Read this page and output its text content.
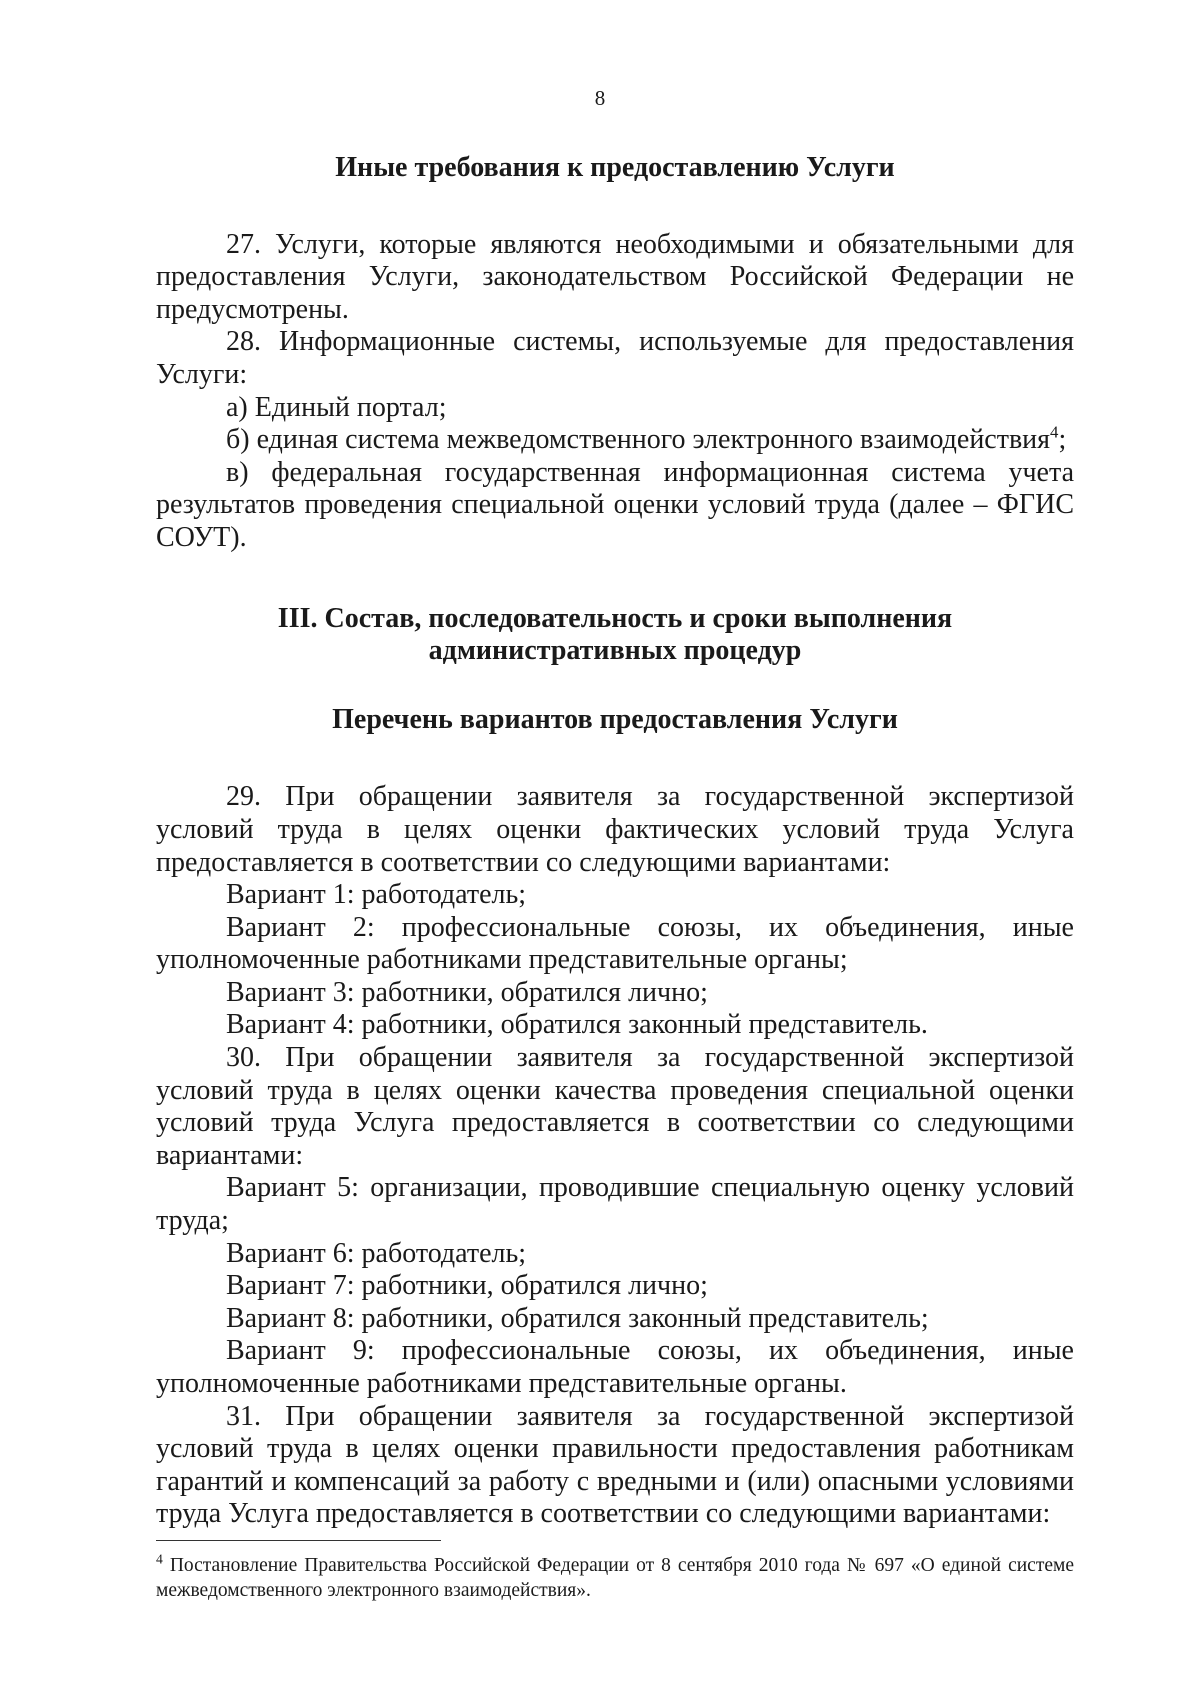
8
Иные требования к предоставлению Услуги

27. Услуги, которые являются необходимыми и обязательными для предоставления Услуги, законодательством Российской Федерации не предусмотрены.

28. Информационные системы, используемые для предоставления Услуги:

а) Единый портал;

б) единая система межведомственного электронного взаимодействия$^4$;

в) федеральная государственная информационная система учета результатов проведения специальной оценки условий труда (далее – ФГИС СОУТ).

III. Состав, последовательность и сроки выполнения административных процедур
Перечень вариантов предоставления Услуги

29. При обращении заявителя за государственной экспертизой условий труда в целях оценки фактических условий труда Услуга предоставляется в соответствии со следующими вариантами:

Вариант 1: работодатель;

Вариант 2: профессиональные союзы, их объединения, иные уполномоченные работниками представительные органы;

Вариант 3: работники, обратился лично;

Вариант 4: работники, обратился законный представитель.

30. При обращении заявителя за государственной экспертизой условий труда в целях оценки качества проведения специальной оценки условий труда Услуга предоставляется в соответствии со следующими вариантами:

Вариант 5: организации, проводившие специальную оценку условий труда;

Вариант 6: работодатель;

Вариант 7: работники, обратился лично;

Вариант 8: работники, обратился законный представитель;

Вариант 9: профессиональные союзы, их объединения, иные уполномоченные работниками представительные органы.

31. При обращении заявителя за государственной экспертизой условий труда в целях оценки правильности предоставления работникам гарантий и компенсаций за работу с вредными и (или) опасными условиями труда Услуга предоставляется в соответствии со следующими вариантами:

$^4$ Постановление Правительства Российской Федерации от 8 сентября 2010 года № 697 «О единой системе межведомственного электронного взаимодействия».
